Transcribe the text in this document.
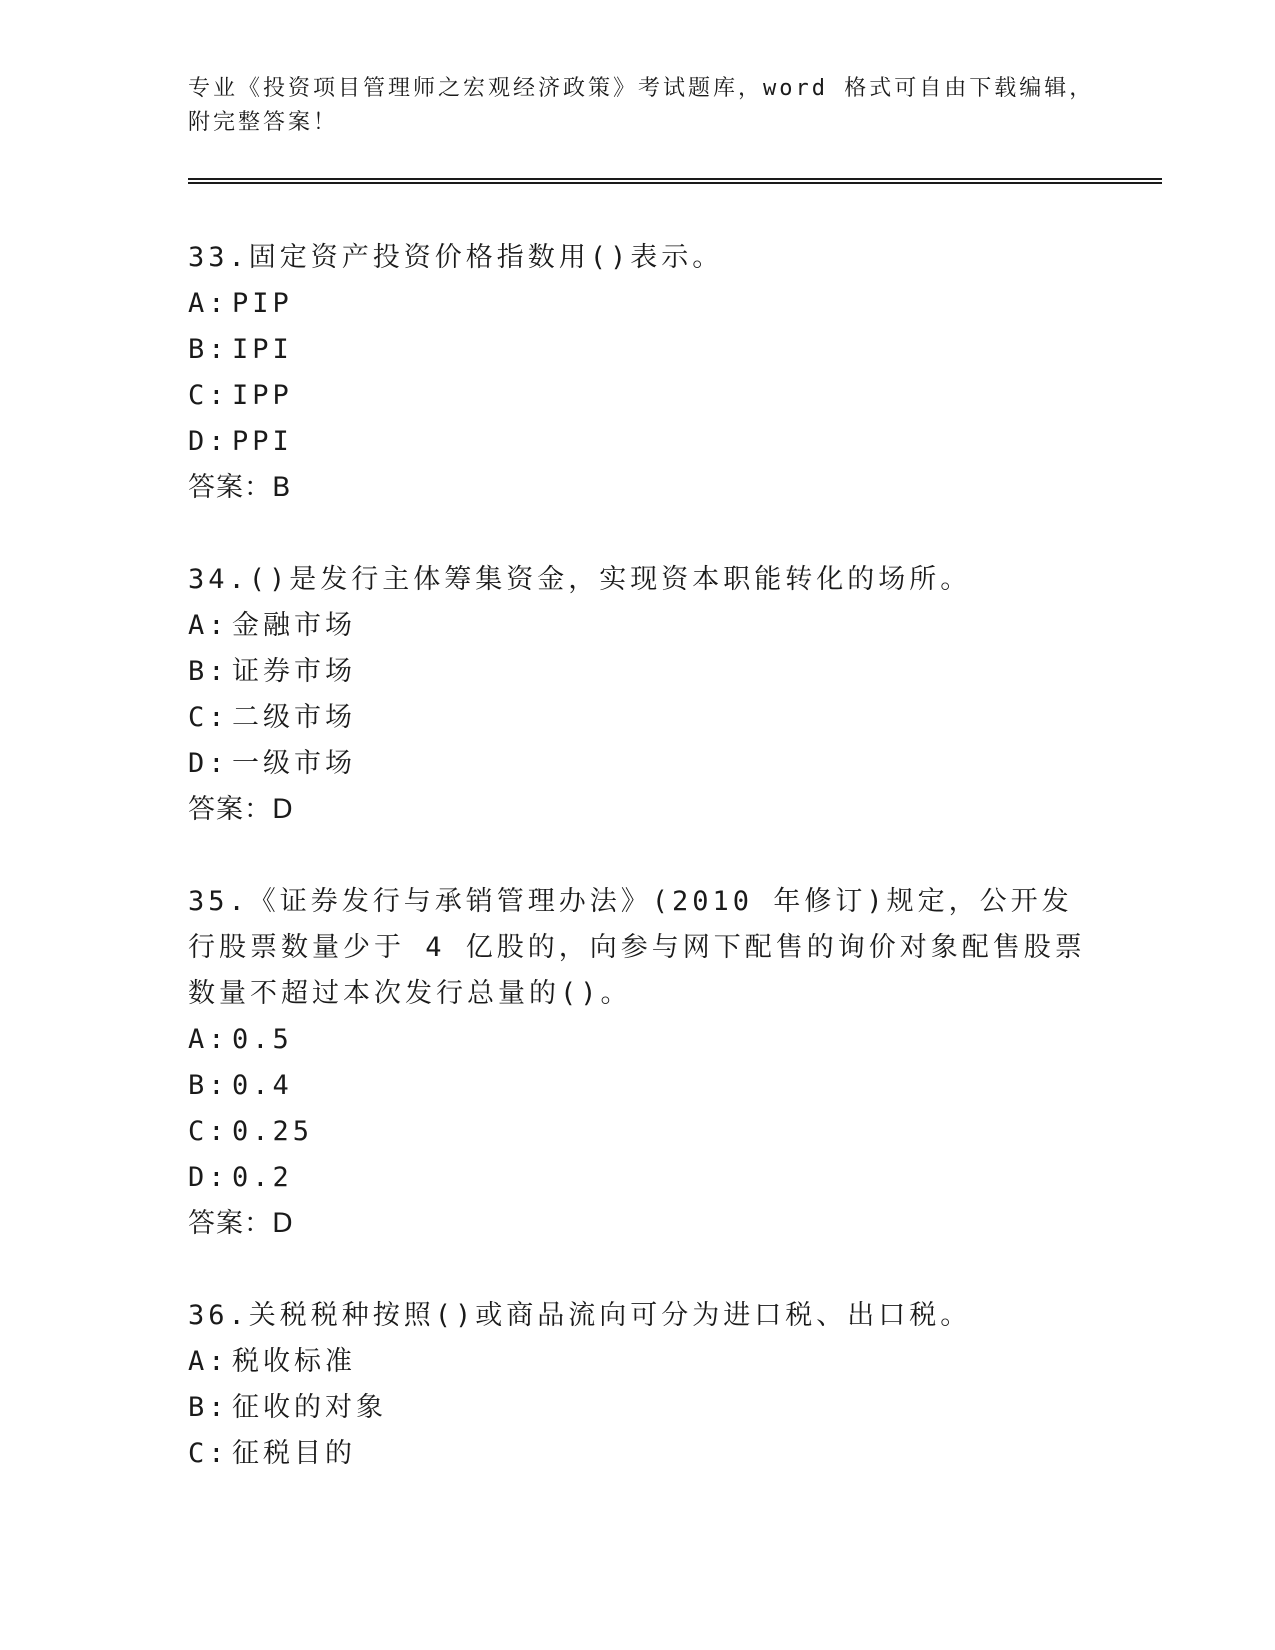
专业《投资项目管理师之宏观经济政策》考试题库，word 格式可自由下载编辑，
附完整答案！

33.固定资产投资价格指数用()表示。

A: PIP

B: IPI

C: IPP

D: PPI

答案：B

34.()是发行主体筹集资金，实现资本职能转化的场所。

A: 金融市场

B: 证券市场

C: 二级市场

D: 一级市场

答案：D

35.《证券发行与承销管理办法》(2010 年修订)规定，公开发行股票数量少于 4 亿股的，向参与网下配售的询价对象配售股票数量不超过本次发行总量的()。

A: 0.5

B: 0.4

C: 0.25

D: 0.2

答案：D

36.关税税种按照()或商品流向可分为进口税、出口税。

A: 税收标准

B: 征收的对象

C: 征税目的
